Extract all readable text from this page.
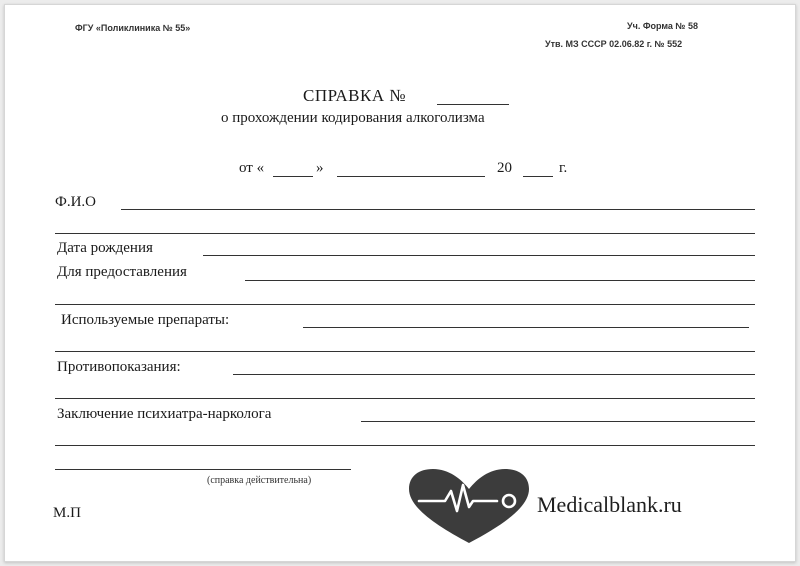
ФГУ «Поликлиника № 55»	Уч. Форма № 58
Утв. МЗ СССР 02.06.82 г. № 552
СПРАВКА №
о прохождении кодирования алкоголизма
от «	»	20	г.
Ф.И.О
Дата рождения
Для предоставления
Используемые препараты:
Противопоказания:
Заключение психиатра-нарколога
(справка действительна)
М.П	Medicalblank.ru
